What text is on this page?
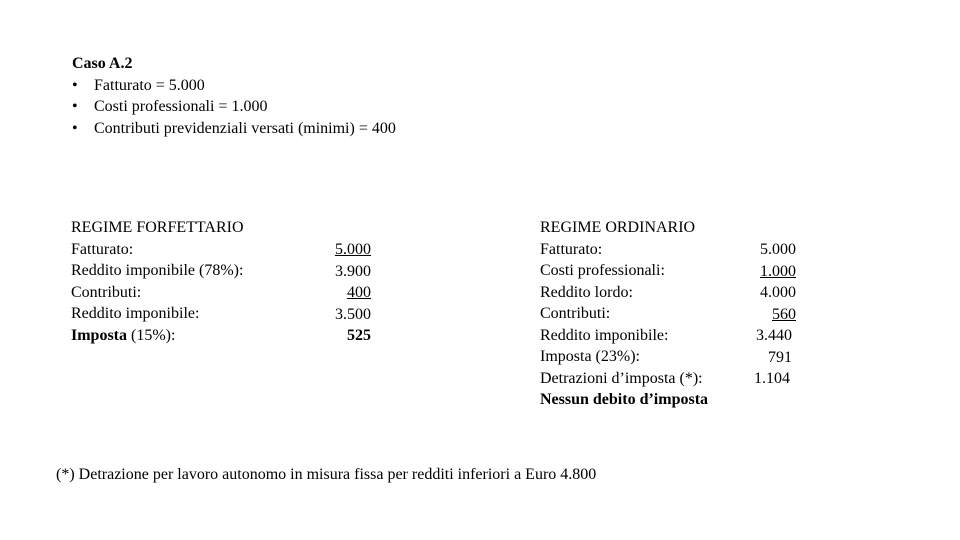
Caso A.2
• Fatturato = 5.000
• Costi professionali = 1.000
• Contributi previdenziali versati (minimi) = 400
REGIME FORFETTARIO
Fatturato:
Reddito imponibile (78%):
Contributi:
Reddito imponibile:
Imposta (15%):
5.000
3.900
400
3.500
525
REGIME ORDINARIO
Fatturato:
Costi professionali:
Reddito lordo:
Contributi:
Reddito imponibile:
Imposta (23%):
Detrazioni d’imposta (*):
Nessun debito d’imposta
5.000
1.000
4.000
560
3.440
791
1.104
(*) Detrazione per lavoro autonomo in misura fissa per redditi inferiori a Euro 4.800
